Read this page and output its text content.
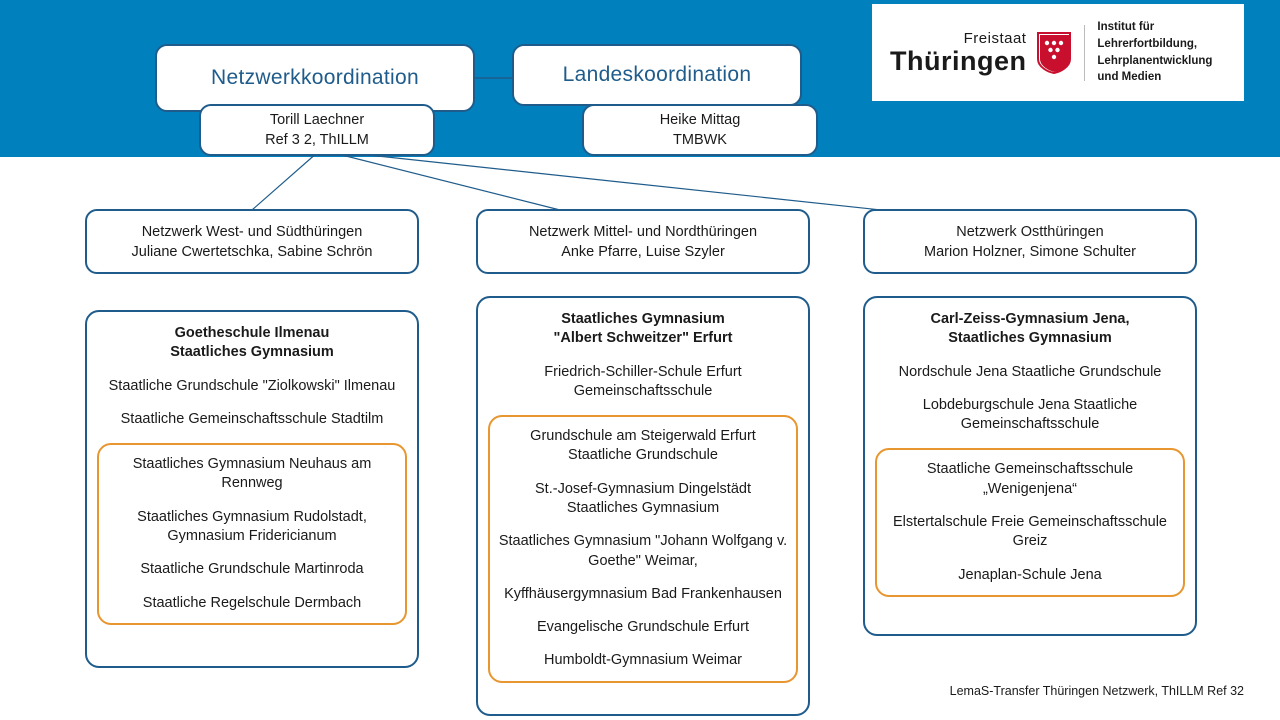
Freistaat
Thüringen
Institut für Lehrerfortbildung,
Lehrplanentwicklung
und Medien
Netzwerkkoordination	Landeskoordination
Torill Laechner
Ref 3 2, ThILLM
Heike Mittag
TMBWK
Netzwerk West- und Südthüringen
Juliane Cwertetschka, Sabine Schrön
Netzwerk Mittel- und Nordthüringen
Anke Pfarre, Luise Szyler
Netzwerk Ostthüringen
Marion Holzner, Simone Schulter
Goetheschule Ilmenau
Staatliches Gymnasium
Staatliche Grundschule "Ziolkowski" Ilmenau
Staatliche Gemeinschaftsschule Stadtilm
Staatliches Gymnasium Neuhaus am Rennweg
Staatliches Gymnasium Rudolstadt, Gymnasium Fridericianum
Staatliche Grundschule Martinroda
Staatliche Regelschule Dermbach
Staatliches Gymnasium
"Albert Schweitzer" Erfurt
Friedrich-Schiller-Schule Erfurt Gemeinschaftsschule
Grundschule am Steigerwald Erfurt Staatliche Grundschule
St.-Josef-Gymnasium Dingelstädt Staatliches Gymnasium
Staatliches Gymnasium "Johann Wolfgang v. Goethe" Weimar,
Kyffhäusergymnasium Bad Frankenhausen
Evangelische Grundschule Erfurt
Humboldt-Gymnasium Weimar
Carl-Zeiss-Gymnasium Jena,
Staatliches Gymnasium
Nordschule Jena Staatliche Grundschule
Lobdeburgschule Jena Staatliche Gemeinschaftsschule
Staatliche Gemeinschaftsschule „Wenigenjena“
Elstertalschule Freie Gemeinschaftsschule Greiz
Jenaplan-Schule Jena
LemaS-Transfer Thüringen Netzwerk, ThILLM Ref 32
